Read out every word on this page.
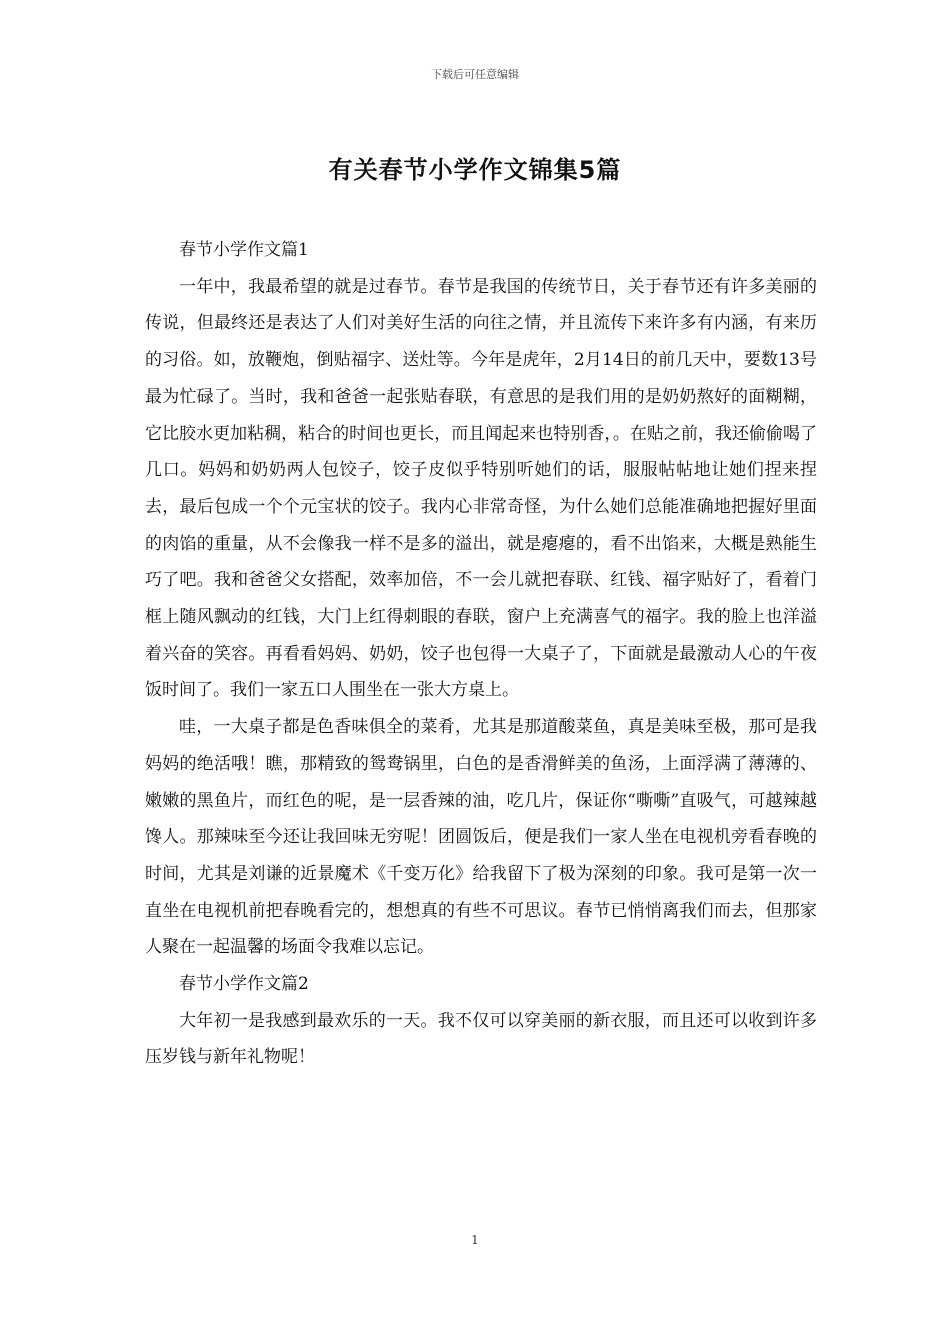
下载后可任意编辑
有关春节小学作文锦集5篇

春节小学作文篇1

一年中，我最希望的就是过春节。春节是我国的传统节日，关于春节还有许多美丽的传说，但最终还是表达了人们对美好生活的向往之情，并且流传下来许多有内涵，有来历的习俗。如，放鞭炮，倒贴福字、送灶等。今年是虎年，2月14日的前几天中，要数13号最为忙碌了。当时，我和爸爸一起张贴春联，有意思的是我们用的是奶奶熬好的面糊糊，它比胶水更加粘稠，粘合的时间也更长，而且闻起来也特别香，。在贴之前，我还偷偷喝了几口。妈妈和奶奶两人包饺子，饺子皮似乎特别听她们的话，服服帖帖地让她们捏来捏去，最后包成一个个元宝状的饺子。我内心非常奇怪，为什么她们总能准确地把握好里面的肉馅的重量，从不会像我一样不是多的溢出，就是瘪瘪的，看不出馅来，大概是熟能生巧了吧。我和爸爸父女搭配，效率加倍，不一会儿就把春联、红钱、福字贴好了，看着门框上随风飘动的红钱，大门上红得刺眼的春联，窗户上充满喜气的福字。我的脸上也洋溢着兴奋的笑容。再看看妈妈、奶奶，饺子也包得一大桌子了，下面就是最激动人心的午夜饭时间了。我们一家五口人围坐在一张大方桌上。

哇，一大桌子都是色香味俱全的菜肴，尤其是那道酸菜鱼，真是美味至极，那可是我妈妈的绝活哦！瞧，那精致的鸳鸯锅里，白色的是香滑鲜美的鱼汤，上面浮满了薄薄的、嫩嫩的黑鱼片，而红色的呢，是一层香辣的油，吃几片，保证你“嘶嘶”直吸气，可越辣越馋人。那辣味至今还让我回味无穷呢！团圆饭后，便是我们一家人坐在电视机旁看春晚的时间，尤其是刘谦的近景魔术《千变万化》给我留下了极为深刻的印象。我可是第一次一直坐在电视机前把春晚看完的，想想真的有些不可思议。春节已悄悄离我们而去，但那家人聚在一起温馨的场面令我难以忘记。

春节小学作文篇2

大年初一是我感到最欢乐的一天。我不仅可以穿美丽的新衣服，而且还可以收到许多压岁钱与新年礼物呢！

1
